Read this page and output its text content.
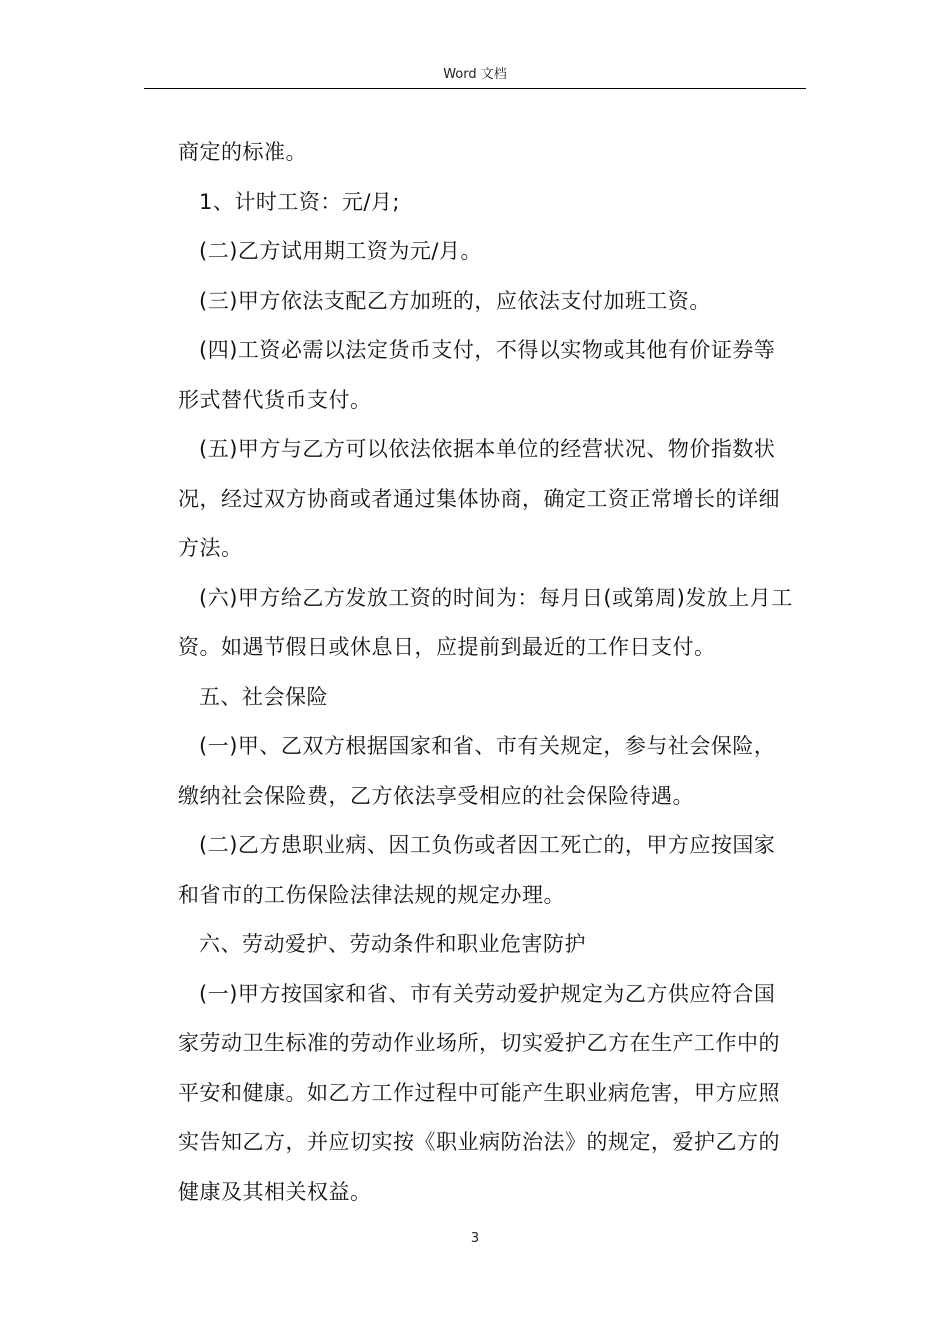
Word 文档

商定的标准。

1、计时工资：元/月;

(二)乙方试用期工资为元/月。

(三)甲方依法支配乙方加班的，应依法支付加班工资。

(四)工资必需以法定货币支付，不得以实物或其他有价证券等

形式替代货币支付。

(五)甲方与乙方可以依法依据本单位的经营状况、物价指数状

况，经过双方协商或者通过集体协商，确定工资正常增长的详细

方法。

(六)甲方给乙方发放工资的时间为：每月日(或第周)发放上月工

资。如遇节假日或休息日，应提前到最近的工作日支付。

五、社会保险

(一)甲、乙双方根据国家和省、市有关规定，参与社会保险，

缴纳社会保险费，乙方依法享受相应的社会保险待遇。

(二)乙方患职业病、因工负伤或者因工死亡的，甲方应按国家

和省市的工伤保险法律法规的规定办理。

六、劳动爱护、劳动条件和职业危害防护

(一)甲方按国家和省、市有关劳动爱护规定为乙方供应符合国

家劳动卫生标准的劳动作业场所，切实爱护乙方在生产工作中的

平安和健康。如乙方工作过程中可能产生职业病危害，甲方应照

实告知乙方，并应切实按《职业病防治法》的规定，爱护乙方的

健康及其相关权益。

3
